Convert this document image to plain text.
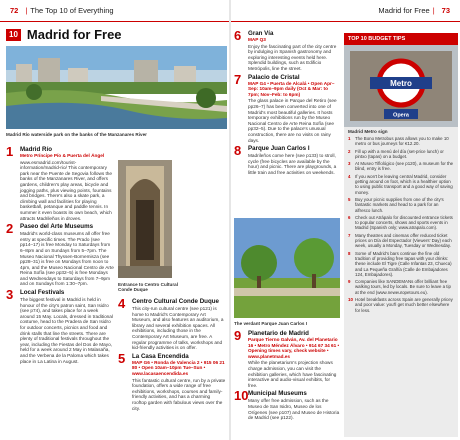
72 | The Top 10 of Everything	Madrid for Free | 73
10 Madrid for Free
Madrid Río waterside park on the banks of the Manzanares River
1	Madrid Río
Metro Príncipe Pío & Puerta del Ángel
www.esmadrid.com/tourist-information/madrid-rio/ This contemporary park near the Puente de Segovia follows the banks of the Manzanares River, and offers gardens, children's play areas, bicycle and jogging paths, plus viewing points, fountains and bridges. There's also a skate park, a climbing wall and facilities for playing basketball, petanque and paddle tennis. In summer it even boasts its own beach, which attracts Madrileños in droves.
2	Paseo del Arte Museums
Madrid's world-class museums all offer free entry at specific times. The Prado (see pp14–17) is free Monday to Saturdays from 6–8pm and on Sundays from 5–7pm. The Museo Nacional Thyssen-Bornemisza (see pp28–31) is free on Mondays from noon to 4pm, and the Museo Nacional Centro de Arte Reina Sofía (see pp32–5) is free Mondays and Wednesdays to Saturdays from 7–9pm and on Sundays from 1:30–7pm.
3	Local Festivals
The biggest festival in Madrid is held in honour of the city's patron saint, San Isidro (see p74), and takes place for a week around 15 May. Locals, dressed in traditional costume, head to the Pradera de San Isidro for outdoor concerts, picnics and food and drink stalls that line the streets. There are plenty of traditional festivals throughout the year, including the Fiestas del Dos de Mayo, held for a week around 2 May in Malasaña, and the Verbena de la Paloma which takes place in La Latina in August.
Entrance to Centro Cultural Conde Duque
4	Centro Cultural Conde Duque
This city-run cultural centre (see p121) is home to Madrid's Contemporary Art Museum, and also features an auditorium, a library and several exhibition spaces. All exhibitions, including those in the Contemporary Art Museum, are free. A regular programme of talks, workshops and kid-friendly activities is on offer.
5	La Casa Encendida
MAP G6 • Ronda de Valencia 2 • 915 06 21 80 • Open 10am–10pm Tue–Sun • www.lacasaencendida.es
This fantastic cultural centre, run by a private foundation, offers a wide range of free exhibitions, workshops, courses and family-friendly activities, and has a charming rooftop garden with fabulous views over the city.
6	Gran Vía
MAP Q3
Enjoy the fascinating part of the city centre by indulging in Spanish gastronomy and exploring interesting events held here. Splendid buildings, such as Edificio Metrópolis, line the street.
7	Palacio de Cristal
MAP G4 • Puerta de Alcalá • Open Apr–Sep: 10am–9pm daily (Oct & Mar: to 7pm; Nov–Feb: to 6pm)
The glass palace in Parque del Retiro (see pp26–7) has been converted into one of Madrid's most beautiful galleries. It hosts temporary exhibitions run by the Museo Nacional Centro de Arte Reina Sofía (see pp32–5). Due to the palace's unusual construction, there are no visits on rainy days.
8	Parque Juan Carlos I
Madrileños come here (see p133) to stroll, cycle (free bicycles are available by the hour) and picnic. There are playgrounds, a little train and free activities on weekends.
The verdant Parque Juan Carlos I
9	Planetario de Madrid
Parque Tierno Galván, Av. del Planetario 16 • Metro Méndez Álvaro • 914 67 34 61 • Opening times vary, check website • www.planetmad.es
While the planetarium's projection shows charge admission, you can visit the exhibition galleries, which have fascinating interactive and audio-visual exhibits, for free.
10 Municipal Museums
Many offer free admission, such as the Museo de San Isidro, Museo de los Orígenes (see p107) and Museo de Historia de Madrid (see p122).
TOP 10 BUDGET TIPS
Metro
Opera
Madrid Metro sign
1	The Bono Metrobus pass allows you to make 10 metro or bus journeys for €12.20.
2	Fill up with a menú del día (set-price lunch) or pintxo (tapas) on a budget.
3	At Museo Tiflológico (see p120), a museum for the blind, entry is free.
4	If you won't be leaving central Madrid, consider getting around on foot, which is a healthier option to using public transport and a good way of saving money.
5	Buy your picnic supplies from one of the city's fantastic markets and head to a park for an alfresco lunch.
6	Check out Atrápalo for discounted entrance tickets to popular concerts, shows and sports events in Madrid (Spanish only; www.atrapalo.com).
7	Many theatres and cinemas offer reduced ticket prices on Día del Espectador (Viewers' Day) each week, usually a Monday, Tuesday or Wednesday.
8	Some of Madrid's bars continue the fine old tradition of providing free tapas with your drinks: these include El Tigre (Calle Infantas 23, Chueca) and La Pequeña Grañía (Calle de Embajadores 124, Embajadores).
9	Companies like SANDEMANs offer brilliant free walking tours, led by locals. Be sure to leave a tip at the end (www.neweuropetours.eu).
10 Hotel breakfasts across Spain are generally pricey and poor value: you'll get much better elsewhere for less.
